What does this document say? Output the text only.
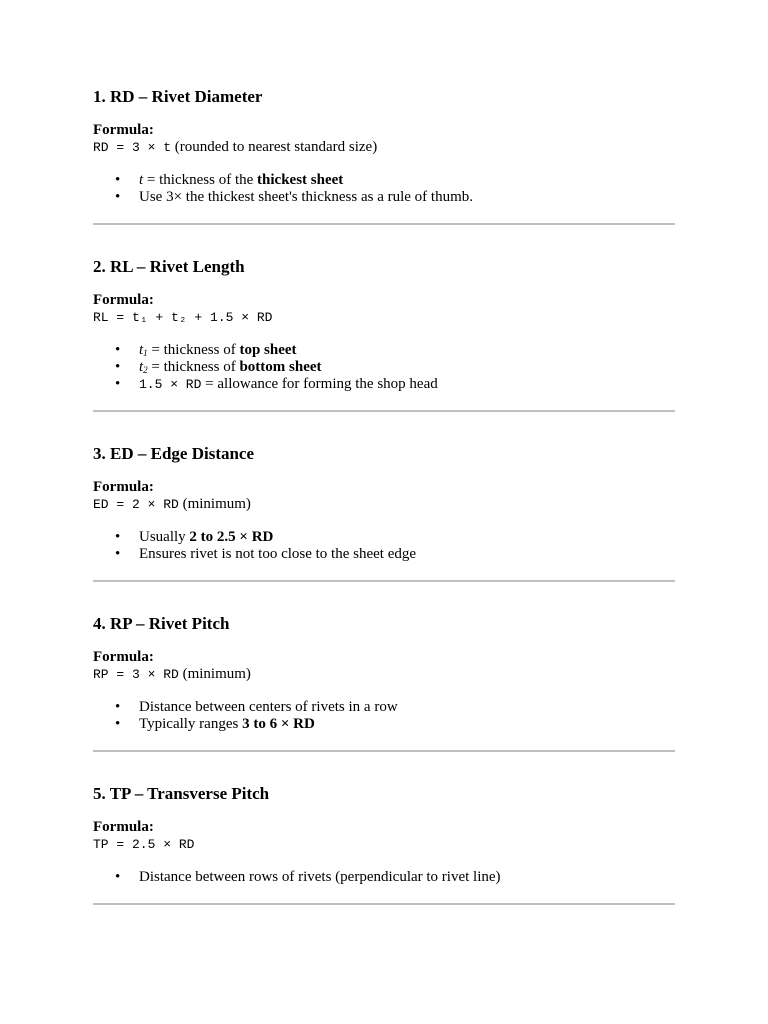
1. RD – Rivet Diameter
Formula:
RD = 3 × t (rounded to nearest standard size)
• t = thickness of the thickest sheet
• Use 3× the thickest sheet's thickness as a rule of thumb.
2. RL – Rivet Length
Formula:
RL = t₁ + t₂ + 1.5 × RD
• $t_1$ = thickness of top sheet
• $t_2$ = thickness of bottom sheet
• 1.5 × RD = allowance for forming the shop head
3. ED – Edge Distance
Formula:
ED = 2 × RD (minimum)
• Usually 2 to 2.5 × RD
• Ensures rivet is not too close to the sheet edge
4. RP – Rivet Pitch
Formula:
RP = 3 × RD (minimum)
• Distance between centers of rivets in a row
• Typically ranges 3 to 6 × RD
5. TP – Transverse Pitch
Formula:
TP = 2.5 × RD
• Distance between rows of rivets (perpendicular to rivet line)
